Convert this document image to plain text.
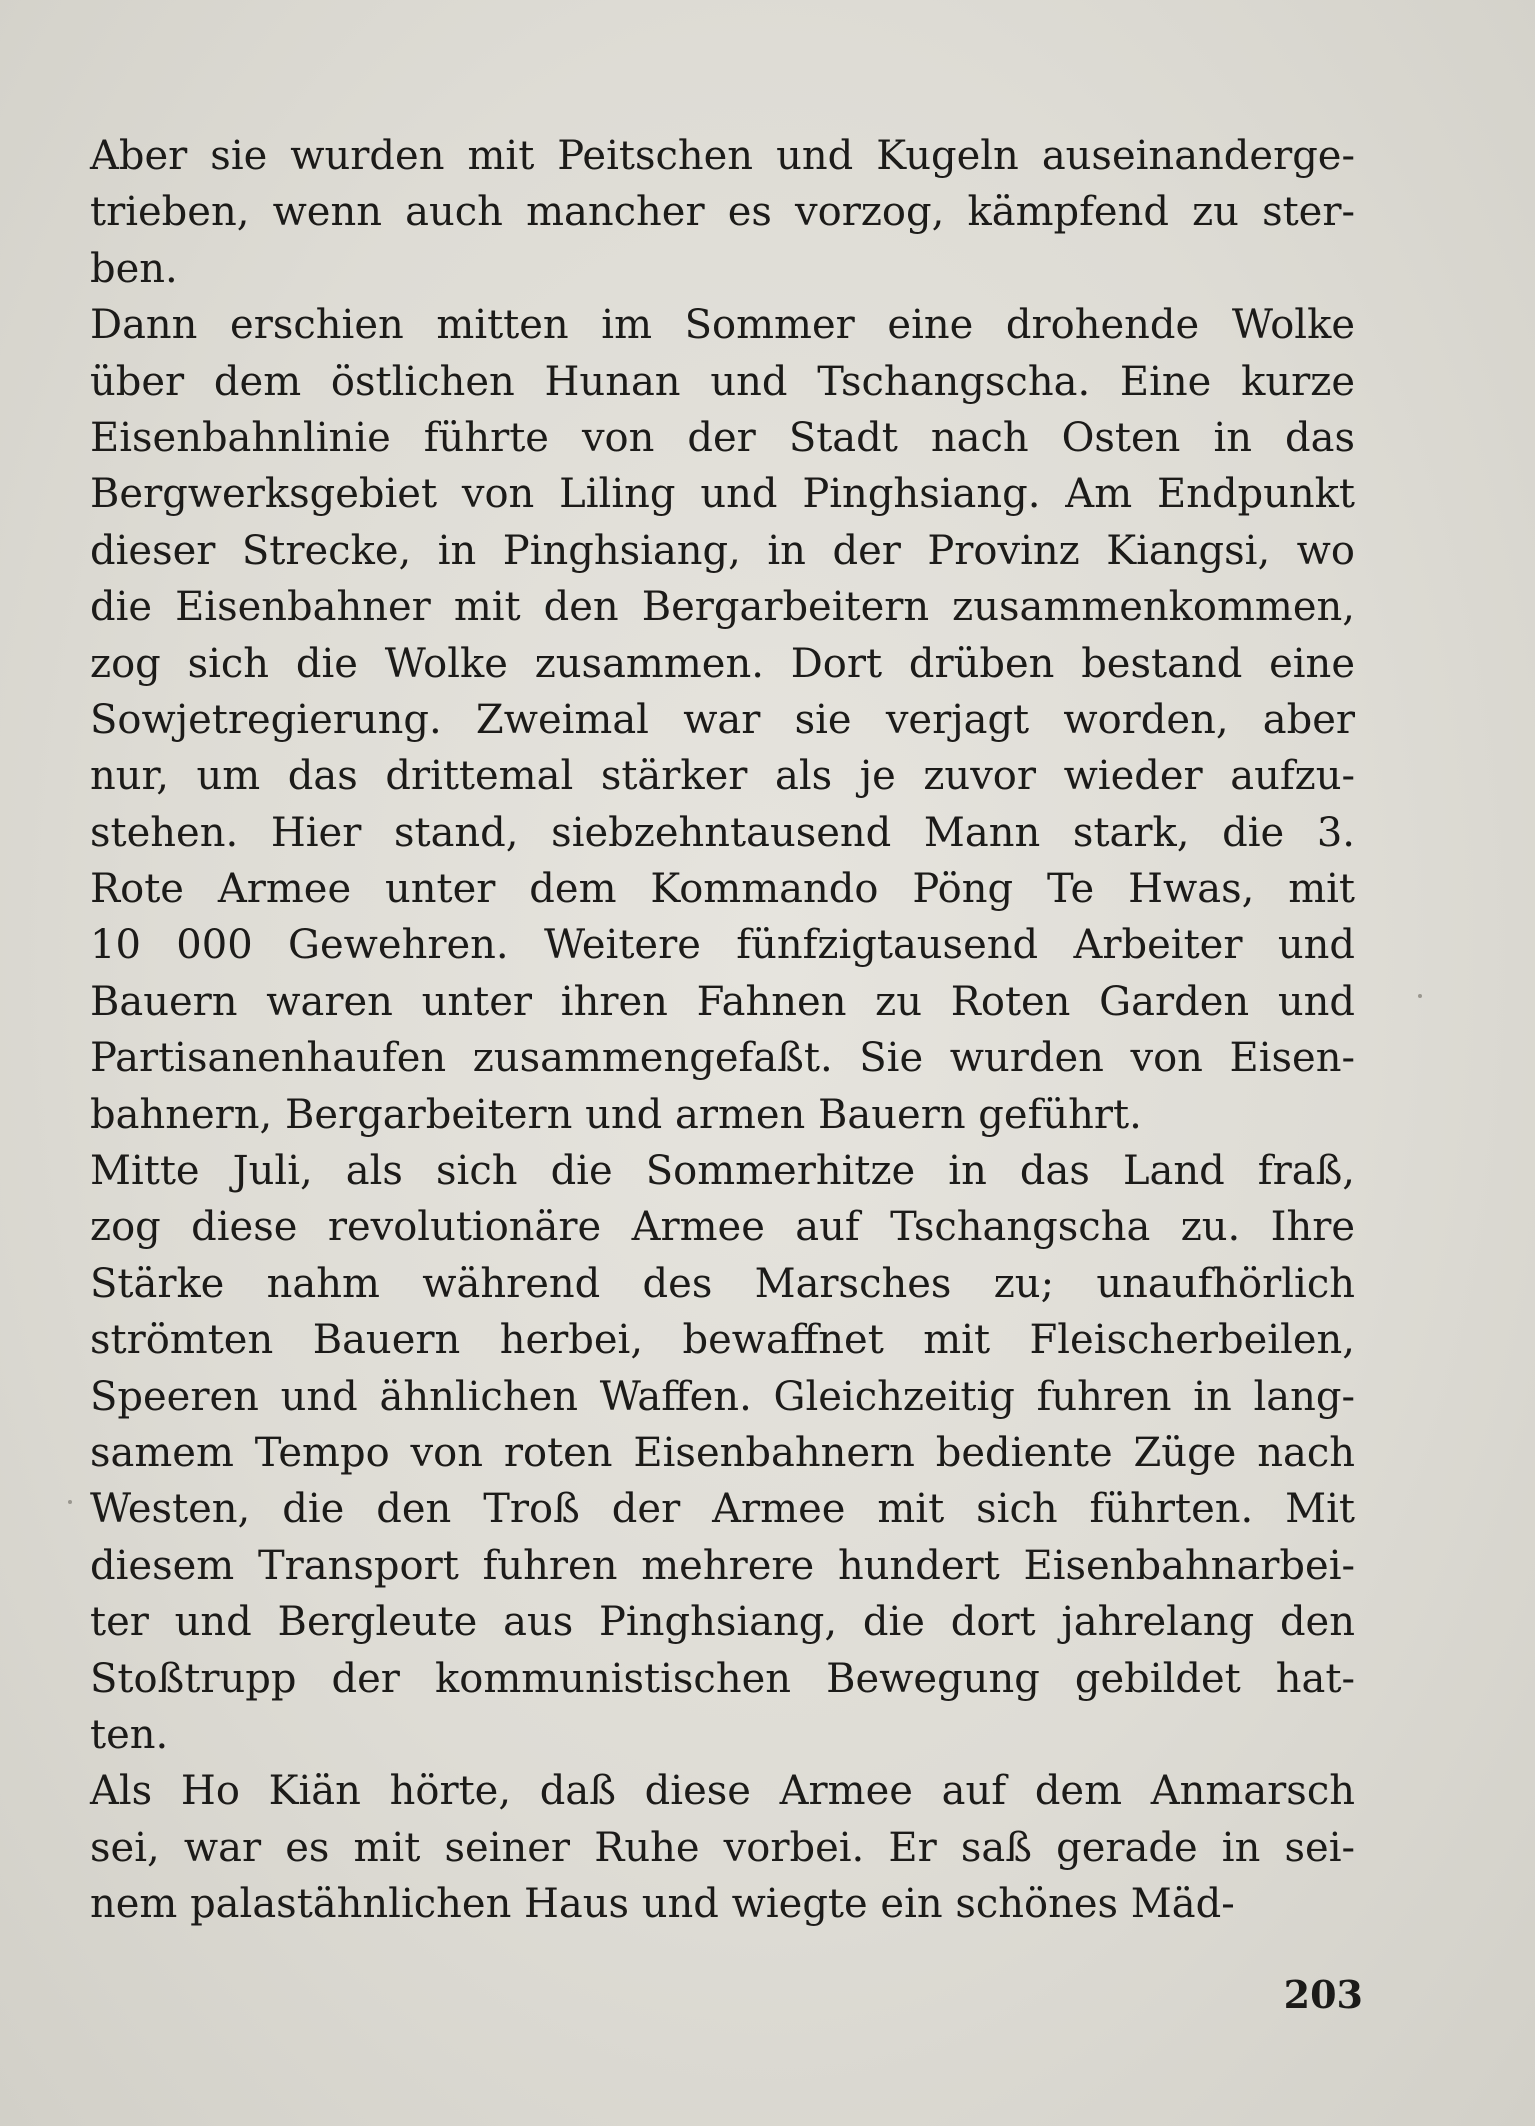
Aber sie wurden mit Peitschen und Kugeln auseinanderge-
trieben, wenn auch mancher es vorzog, kämpfend zu ster-
ben.
Dann erschien mitten im Sommer eine drohende Wolke
über dem östlichen Hunan und Tschangscha. Eine kurze
Eisenbahnlinie führte von der Stadt nach Osten in das
Bergwerksgebiet von Liling und Pinghsiang. Am Endpunkt
dieser Strecke, in Pinghsiang, in der Provinz Kiangsi, wo
die Eisenbahner mit den Bergarbeitern zusammenkommen,
zog sich die Wolke zusammen. Dort drüben bestand eine
Sowjetregierung. Zweimal war sie verjagt worden, aber
nur, um das drittemal stärker als je zuvor wieder aufzu-
stehen. Hier stand, siebzehntausend Mann stark, die 3.
Rote Armee unter dem Kommando Pöng Te Hwas, mit
10 000 Gewehren. Weitere fünfzigtausend Arbeiter und
Bauern waren unter ihren Fahnen zu Roten Garden und
Partisanenhaufen zusammengefaßt. Sie wurden von Eisen-
bahnern, Bergarbeitern und armen Bauern geführt.
Mitte Juli, als sich die Sommerhitze in das Land fraß,
zog diese revolutionäre Armee auf Tschangscha zu. Ihre
Stärke nahm während des Marsches zu; unaufhörlich
strömten Bauern herbei, bewaffnet mit Fleischerbeilen,
Speeren und ähnlichen Waffen. Gleichzeitig fuhren in lang-
samem Tempo von roten Eisenbahnern bediente Züge nach
Westen, die den Troß der Armee mit sich führten. Mit
diesem Transport fuhren mehrere hundert Eisenbahnarbei-
ter und Bergleute aus Pinghsiang, die dort jahrelang den
Stoßtrupp der kommunistischen Bewegung gebildet hat-
ten.
Als Ho Kiän hörte, daß diese Armee auf dem Anmarsch
sei, war es mit seiner Ruhe vorbei. Er saß gerade in sei-
nem palastähnlichen Haus und wiegte ein schönes Mäd-
203
